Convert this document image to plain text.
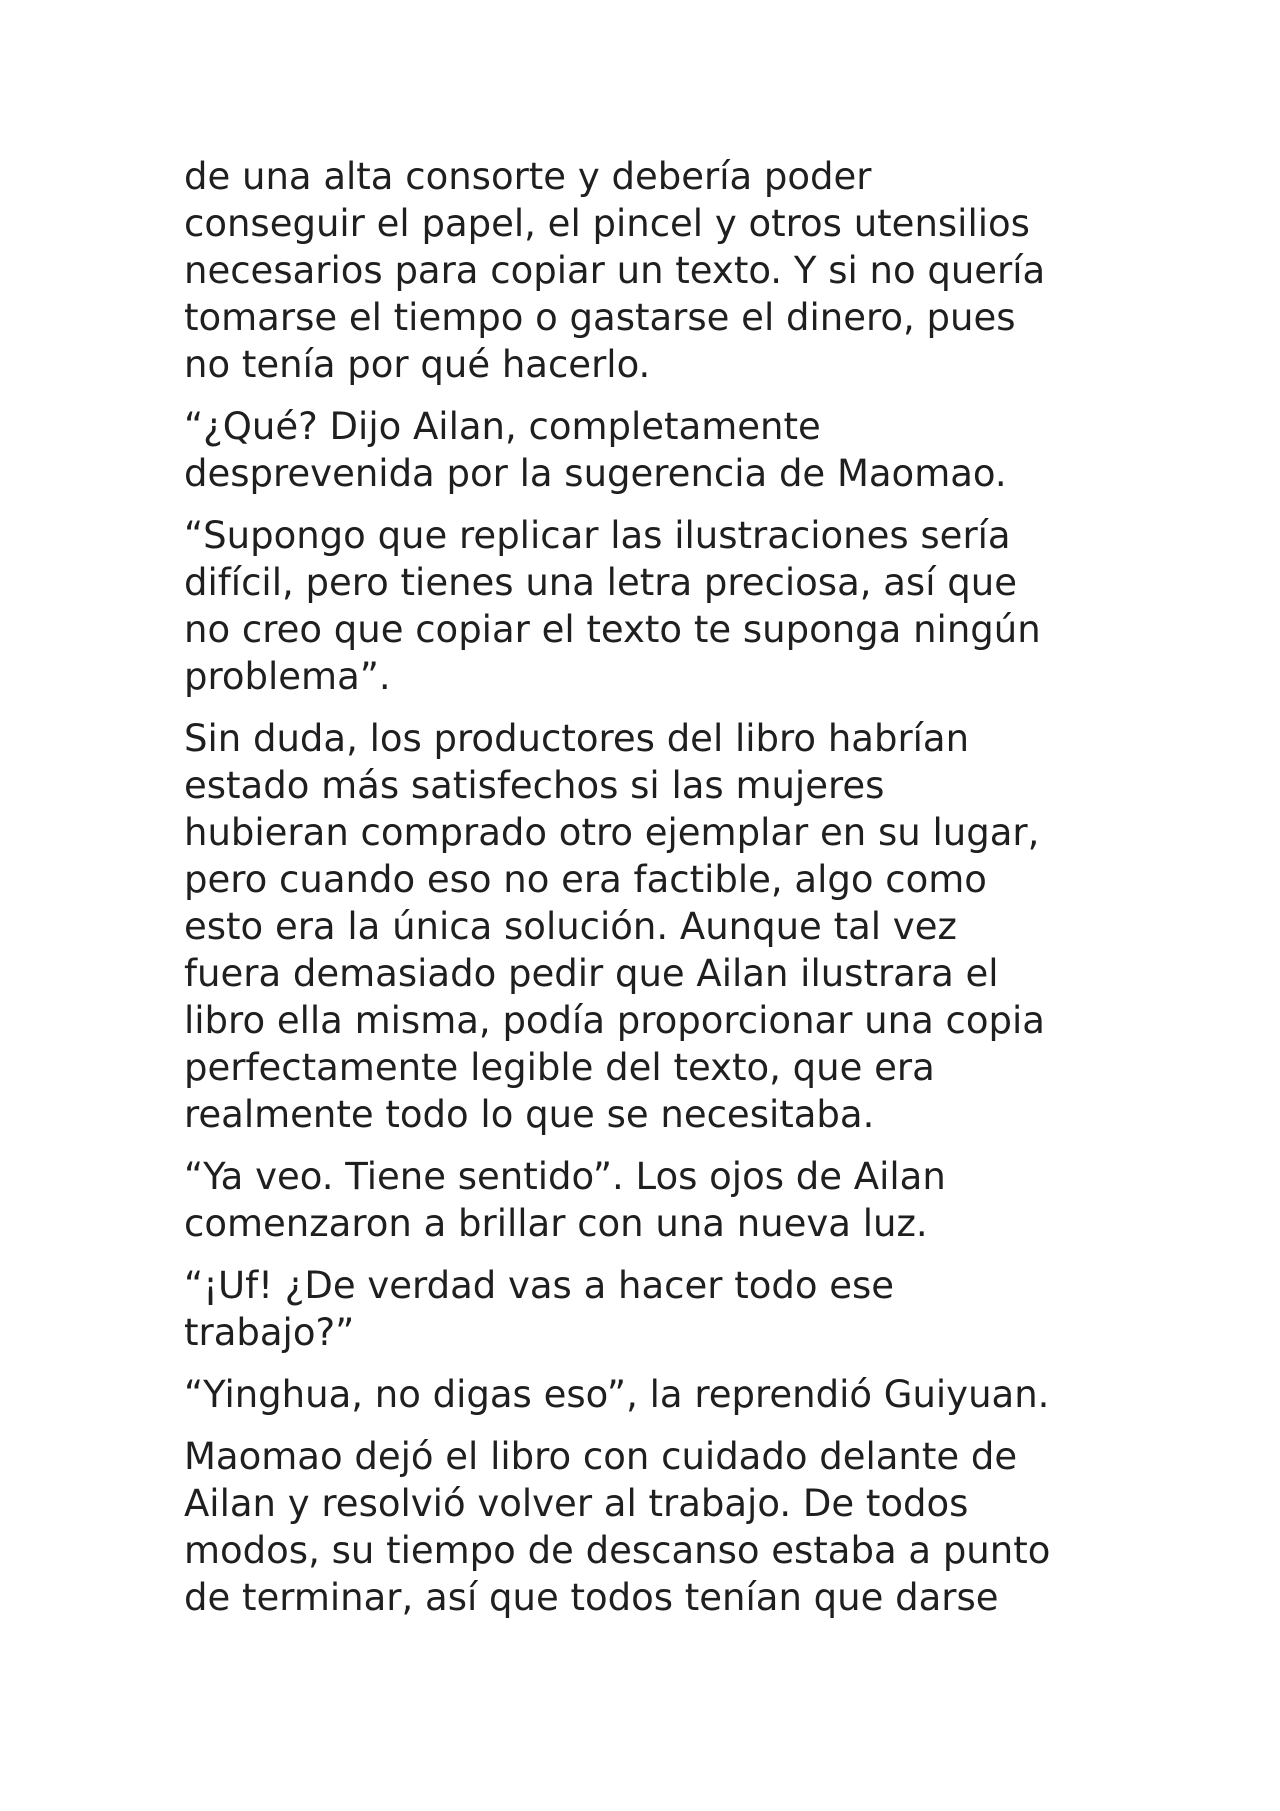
de una alta consorte y debería poder
conseguir el papel, el pincel y otros utensilios
necesarios para copiar un texto. Y si no quería
tomarse el tiempo o gastarse el dinero, pues
no tenía por qué hacerlo.

“¿Qué? Dijo Ailan, completamente
desprevenida por la sugerencia de Maomao.

“Supongo que replicar las ilustraciones sería
difícil, pero tienes una letra preciosa, así que
no creo que copiar el texto te suponga ningún
problema”.

Sin duda, los productores del libro habrían
estado más satisfechos si las mujeres
hubieran comprado otro ejemplar en su lugar,
pero cuando eso no era factible, algo como
esto era la única solución. Aunque tal vez
fuera demasiado pedir que Ailan ilustrara el
libro ella misma, podía proporcionar una copia
perfectamente legible del texto, que era
realmente todo lo que se necesitaba.

“Ya veo. Tiene sentido”. Los ojos de Ailan
comenzaron a brillar con una nueva luz.

“¡Uf! ¿De verdad vas a hacer todo ese
trabajo?”

“Yinghua, no digas eso”, la reprendió Guiyuan.

Maomao dejó el libro con cuidado delante de
Ailan y resolvió volver al trabajo. De todos
modos, su tiempo de descanso estaba a punto
de terminar, así que todos tenían que darse
